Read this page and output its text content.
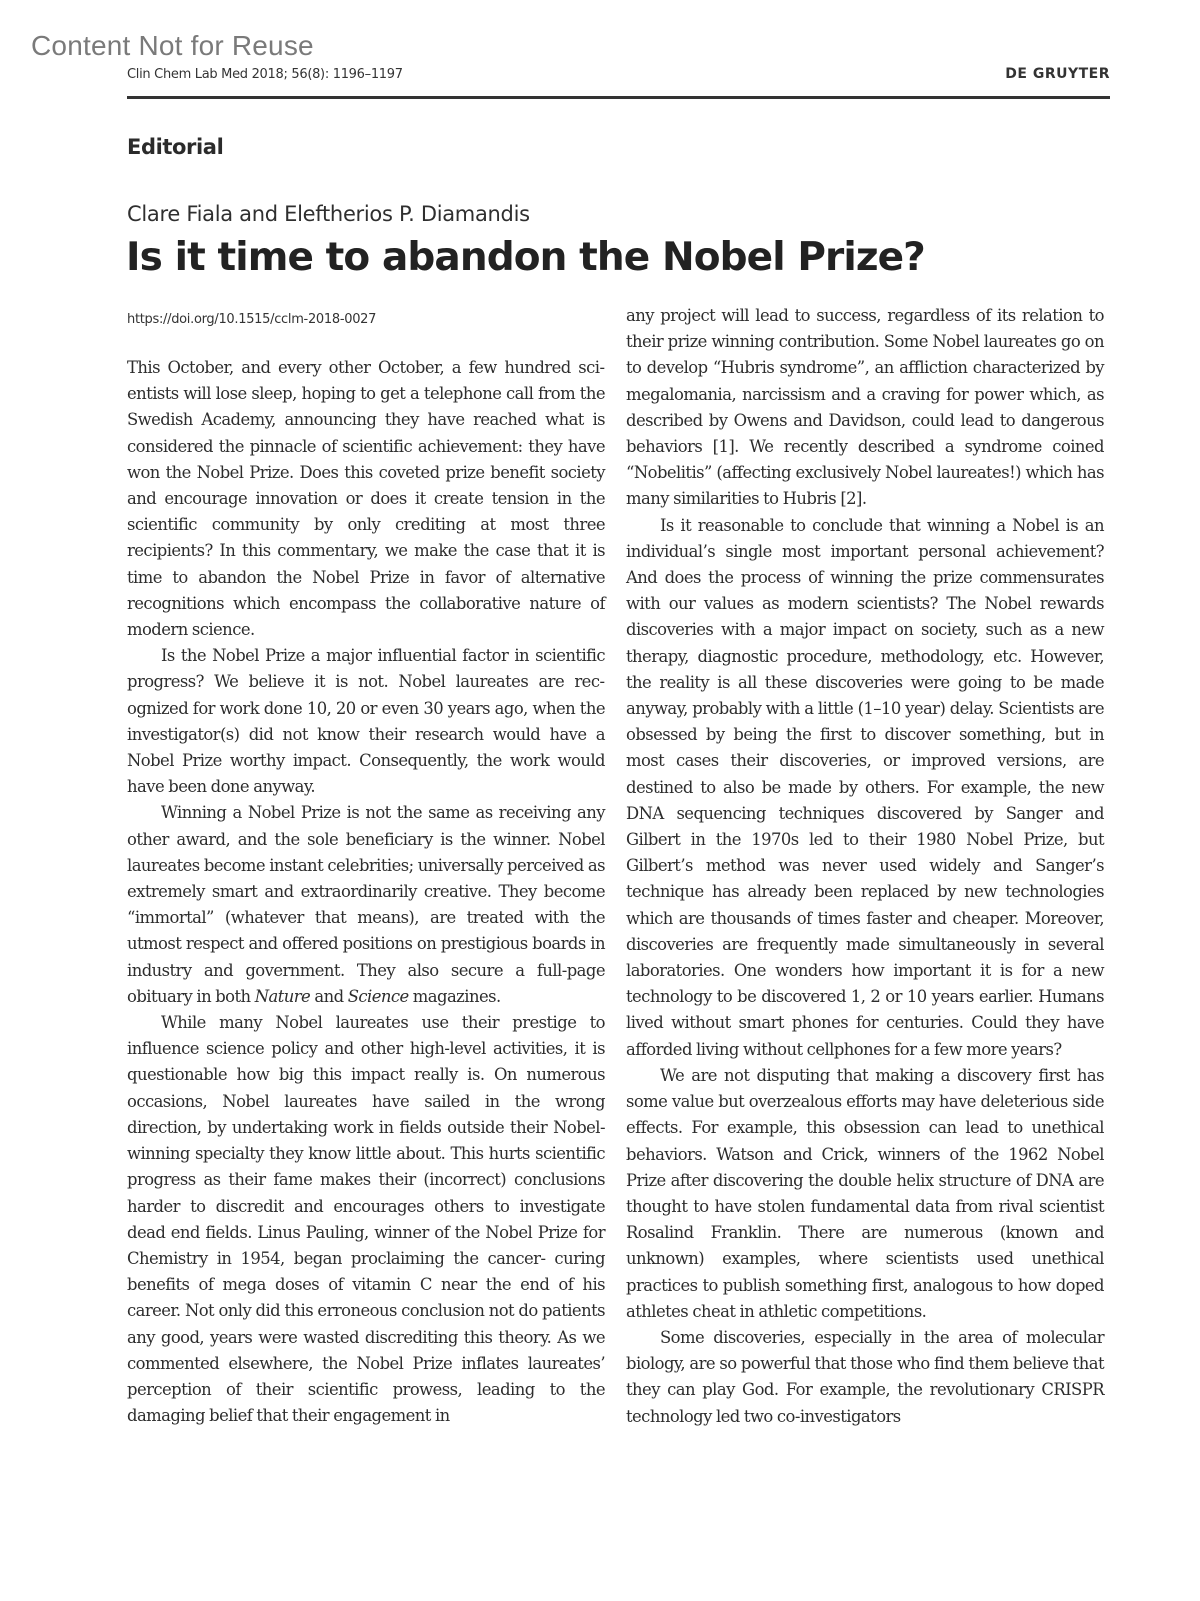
Content Not for Reuse
Clin Chem Lab Med 2018; 56(8): 1196–1197	DE GRUYTER
Editorial
Clare Fiala and Eleftherios P. Diamandis
Is it time to abandon the Nobel Prize?
https://doi.org/10.1515/cclm-2018-0027

This October, and every other October, a few hundred scientists will lose sleep, hoping to get a telephone call from the Swedish Academy, announcing they have reached what is considered the pinnacle of scientific achievement: they have won the Nobel Prize. Does this coveted prize benefit society and encourage innovation or does it create tension in the scientific community by only crediting at most three recipients? In this commentary, we make the case that it is time to abandon the Nobel Prize in favor of alternative recognitions which encompass the collaborative nature of modern science.

Is the Nobel Prize a major influential factor in scientific progress? We believe it is not. Nobel laureates are recognized for work done 10, 20 or even 30 years ago, when the investigator(s) did not know their research would have a Nobel Prize worthy impact. Consequently, the work would have been done anyway.

Winning a Nobel Prize is not the same as receiving any other award, and the sole beneficiary is the winner. Nobel laureates become instant celebrities; universally perceived as extremely smart and extraordinarily creative. They become “immortal” (whatever that means), are treated with the utmost respect and offered positions on prestigious boards in industry and government. They also secure a full-page obituary in both Nature and Science magazines.

While many Nobel laureates use their prestige to influence science policy and other high-level activities, it is questionable how big this impact really is. On numerous occasions, Nobel laureates have sailed in the wrong direction, by undertaking work in fields outside their Nobel-winning specialty they know little about. This hurts scientific progress as their fame makes their (incorrect) conclusions harder to discredit and encourages others to investigate dead end fields. Linus Pauling, winner of the Nobel Prize for Chemistry in 1954, began proclaiming the cancer- curing benefits of mega doses of vitamin C near the end of his career. Not only did this erroneous conclusion not do patients any good, years were wasted discrediting this theory. As we commented elsewhere, the Nobel Prize inflates laureates’ perception of their scientific prowess, leading to the damaging belief that their engagement in

any project will lead to success, regardless of its relation to their prize winning contribution. Some Nobel laureates go on to develop “Hubris syndrome”, an affliction characterized by megalomania, narcissism and a craving for power which, as described by Owens and Davidson, could lead to dangerous behaviors [1]. We recently described a syndrome coined “Nobelitis” (affecting exclusively Nobel laureates!) which has many similarities to Hubris [2].

Is it reasonable to conclude that winning a Nobel is an individual’s single most important personal achievement? And does the process of winning the prize commensurates with our values as modern scientists? The Nobel rewards discoveries with a major impact on society, such as a new therapy, diagnostic procedure, methodology, etc. However, the reality is all these discoveries were going to be made anyway, probably with a little (1–10 year) delay. Scientists are obsessed by being the first to discover something, but in most cases their discoveries, or improved versions, are destined to also be made by others. For example, the new DNA sequencing techniques discovered by Sanger and Gilbert in the 1970s led to their 1980 Nobel Prize, but Gilbert’s method was never used widely and Sanger’s technique has already been replaced by new technologies which are thousands of times faster and cheaper. Moreover, discoveries are frequently made simultaneously in several laboratories. One wonders how important it is for a new technology to be discovered 1, 2 or 10 years earlier. Humans lived without smart phones for centuries. Could they have afforded living without cellphones for a few more years?

We are not disputing that making a discovery first has some value but overzealous efforts may have deleterious side effects. For example, this obsession can lead to unethical behaviors. Watson and Crick, winners of the 1962 Nobel Prize after discovering the double helix structure of DNA are thought to have stolen fundamental data from rival scientist Rosalind Franklin. There are numerous (known and unknown) examples, where scientists used unethical practices to publish something first, analogous to how doped athletes cheat in athletic competitions.

Some discoveries, especially in the area of molecular biology, are so powerful that those who find them believe that they can play God. For example, the revolutionary CRISPR technology led two co-investigators
